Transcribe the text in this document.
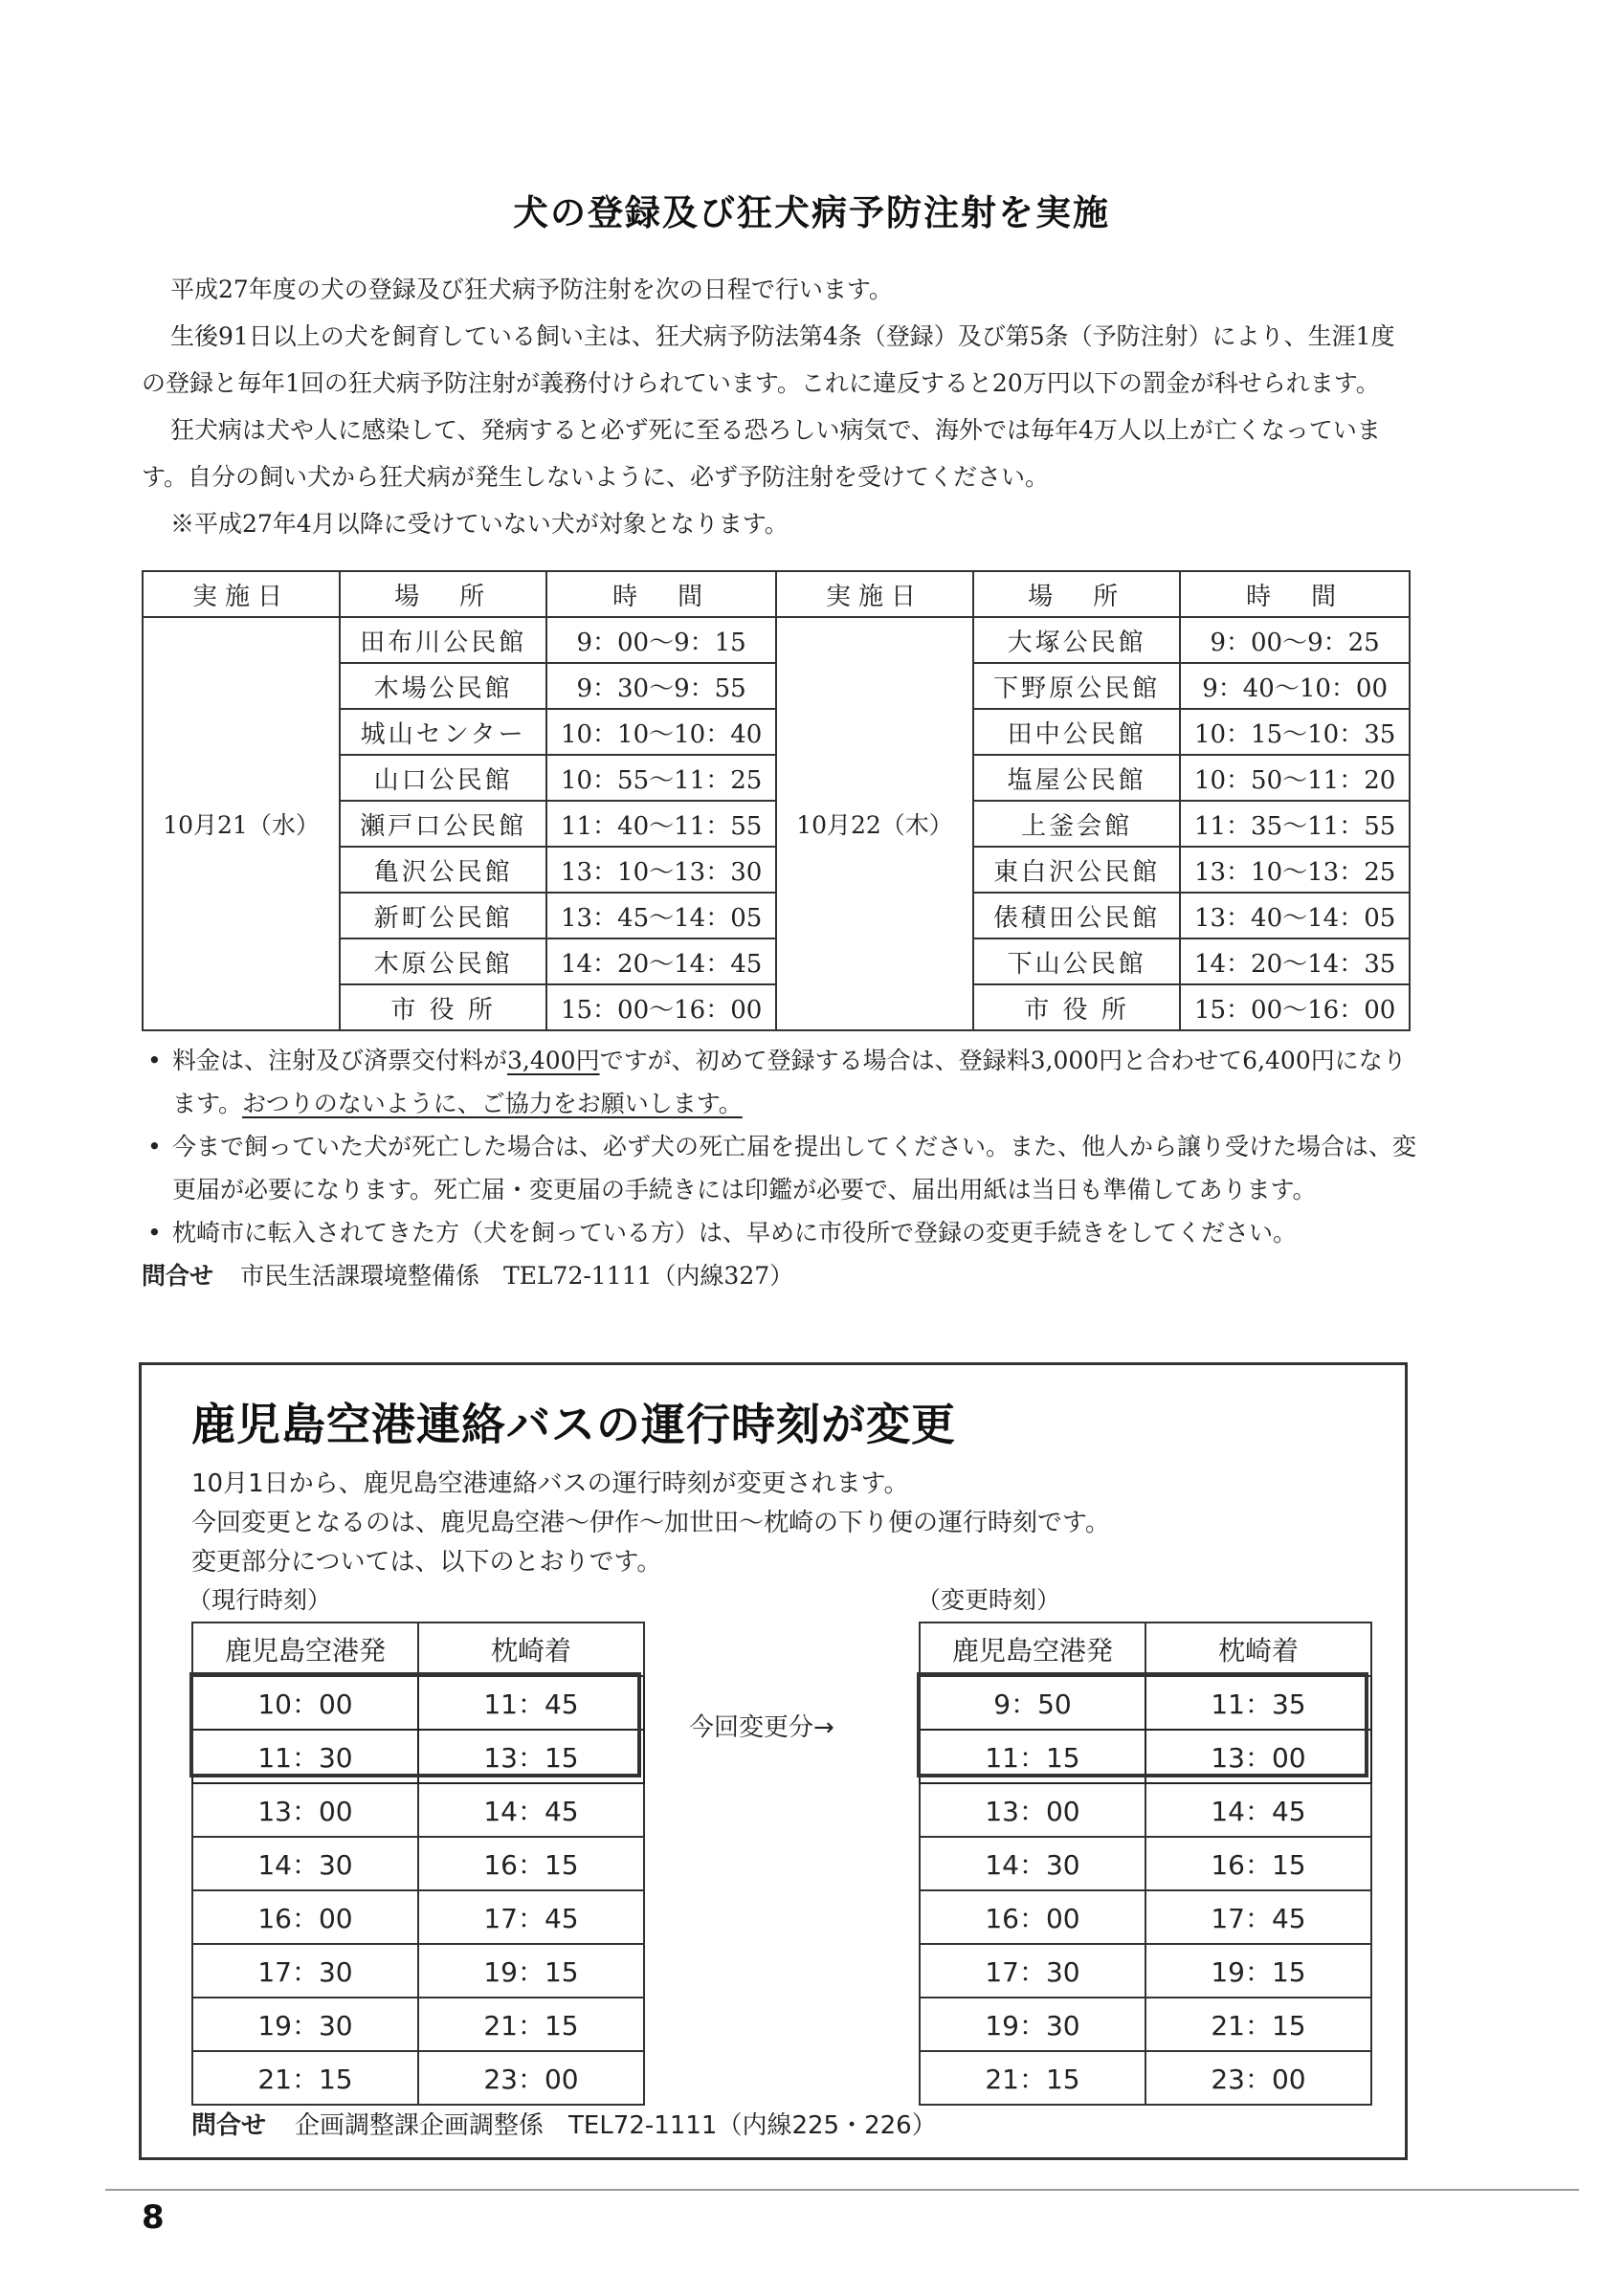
犬の登録及び狂犬病予防注射を実施

平成27年度の犬の登録及び狂犬病予防注射を次の日程で行います。

生後91日以上の犬を飼育している飼い主は、狂犬病予防法第4条（登録）及び第5条（予防注射）により、生涯1度の登録と毎年1回の狂犬病予防注射が義務付けられています。これに違反すると20万円以下の罰金が科せられます。

狂犬病は犬や人に感染して、発病すると必ず死に至る恐ろしい病気で、海外では毎年4万人以上が亡くなっています。自分の飼い犬から狂犬病が発生しないように、必ず予防注射を受けてください。

※平成27年4月以降に受けていない犬が対象となります。

実施日	場　所	時　間	実施日	場　所	時　間
10月21（水）	田布川公民館	9：00～9：15	10月22（木）	大塚公民館	9：00～9：25
	木場公民館	9：30～9：55		下野原公民館	9：40～10：00
	城山センター	10：10～10：40		田中公民館	10：15～10：35
	山口公民館	10：55～11：25		塩屋公民館	10：50～11：20
	瀬戸口公民館	11：40～11：55		上釜会館	11：35～11：55
	亀沢公民館	13：10～13：30		東白沢公民館	13：10～13：25
	新町公民館	13：45～14：05		俵積田公民館	13：40～14：05
	木原公民館	14：20～14：45		下山公民館	14：20～14：35
	市 役 所	15：00～16：00		市 役 所	15：00～16：00

• 料金は、注射及び済票交付料が3,400円ですが、初めて登録する場合は、登録料3,000円と合わせて6,400円になります。おつりのないように、ご協力をお願いします。

• 今まで飼っていた犬が死亡した場合は、必ず犬の死亡届を提出してください。また、他人から譲り受けた場合は、変更届が必要になります。死亡届・変更届の手続きには印鑑が必要で、届出用紙は当日も準備してあります。

• 枕崎市に転入されてきた方（犬を飼っている方）は、早めに市役所で登録の変更手続きをしてください。

問合せ 市民生活課環境整備係　TEL72-1111（内線327）

鹿児島空港連絡バスの運行時刻が変更

10月1日から、鹿児島空港連絡バスの運行時刻が変更されます。

今回変更となるのは、鹿児島空港～伊作～加世田～枕崎の下り便の運行時刻です。

変更部分については、以下のとおりです。

（現行時刻）	（変更時刻）

鹿児島空港発	枕崎着
10：00	11：45
11：30	13：15
13：00	14：45
14：30	16：15
16：00	17：45
17：30	19：15
19：30	21：15
21：15	23：00

今回変更分→

鹿児島空港発	枕崎着
9：50	11：35
11：15	13：00
13：00	14：45
14：30	16：15
16：00	17：45
17：30	19：15
19：30	21：15
21：15	23：00

問合せ 企画調整課企画調整係　TEL72-1111（内線225・226）

8
